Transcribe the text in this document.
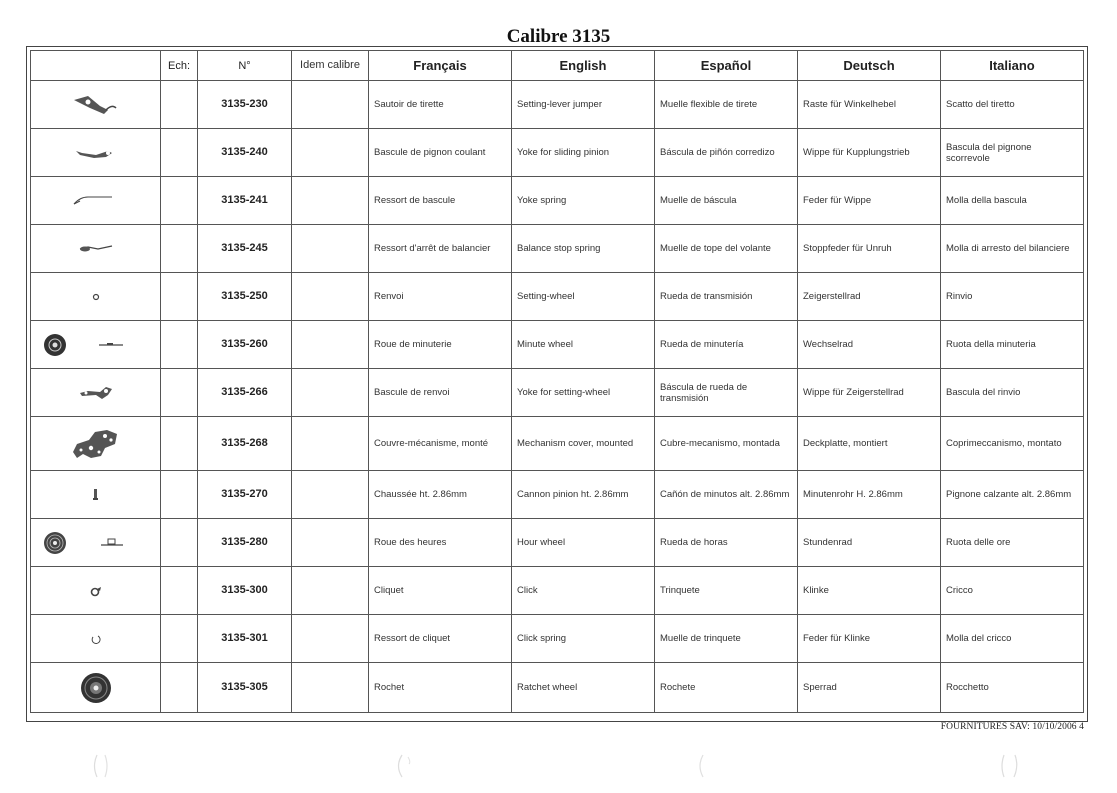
Calibre 3135
	Ech:	N°	Idem calibre	Français	English	Español	Deutsch	Italiano
		3135-230		Sautoir de tirette	Setting-lever jumper	Muelle flexible de tirete	Raste für Winkelhebel	Scatto del tiretto
		3135-240		Bascule de pignon coulant	Yoke for sliding pinion	Báscula de piñón corredizo	Wippe für Kupplungstrieb	Bascula del pignone scorrevole
		3135-241		Ressort de bascule	Yoke spring	Muelle de báscula	Feder für Wippe	Molla della bascula
		3135-245		Ressort d'arrêt de balancier	Balance stop spring	Muelle de tope del volante	Stoppfeder für Unruh	Molla di arresto del bilanciere
		3135-250		Renvoi	Setting-wheel	Rueda de transmisión	Zeigerstellrad	Rinvio
		3135-260		Roue de minuterie	Minute wheel	Rueda de minutería	Wechselrad	Ruota della minuteria
		3135-266		Bascule de renvoi	Yoke for setting-wheel	Báscula de rueda de transmisión	Wippe für Zeigerstellrad	Bascula del rinvio
		3135-268		Couvre-mécanisme, monté	Mechanism cover, mounted	Cubre-mecanismo, montada	Deckplatte, montiert	Coprimeccanismo, montato
		3135-270		Chaussée ht. 2.86mm	Cannon pinion ht. 2.86mm	Cañón de minutos alt. 2.86mm	Minutenrohr H. 2.86mm	Pignone calzante alt. 2.86mm
		3135-280		Roue des heures	Hour wheel	Rueda de horas	Stundenrad	Ruota delle ore
		3135-300		Cliquet	Click	Trinquete	Klinke	Cricco
		3135-301		Ressort de cliquet	Click spring	Muelle de trinquete	Feder für Klinke	Molla del cricco
		3135-305		Rochet	Ratchet wheel	Rochete	Sperrad	Rocchetto
FOURNITURES SAV: 10/10/2006 4
